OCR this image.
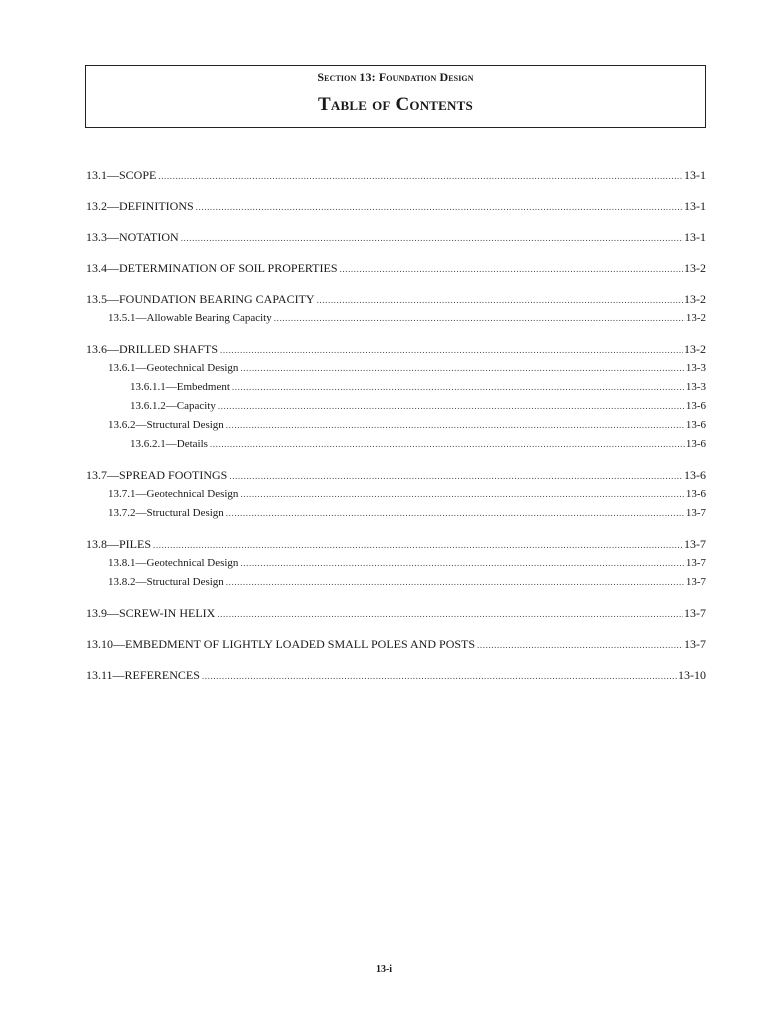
Section 13: Foundation Design
Table of Contents
13.1—SCOPE .....	13-1
13.2—DEFINITIONS .....	13-1
13.3—NOTATION .....	13-1
13.4—DETERMINATION OF SOIL PROPERTIES .....	13-2
13.5—FOUNDATION BEARING CAPACITY .....	13-2
13.5.1—Allowable Bearing Capacity .....	13-2
13.6—DRILLED SHAFTS .....	13-2
13.6.1—Geotechnical Design .....	13-3
13.6.1.1—Embedment .....	13-3
13.6.1.2—Capacity .....	13-6
13.6.2—Structural Design .....	13-6
13.6.2.1—Details .....	13-6
13.7—SPREAD FOOTINGS .....	13-6
13.7.1—Geotechnical Design .....	13-6
13.7.2—Structural Design .....	13-7
13.8—PILES .....	13-7
13.8.1—Geotechnical Design .....	13-7
13.8.2—Structural Design .....	13-7
13.9—SCREW-IN HELIX .....	13-7
13.10—EMBEDMENT OF LIGHTLY LOADED SMALL POLES AND POSTS .....	13-7
13.11—REFERENCES .....	13-10
13-i
